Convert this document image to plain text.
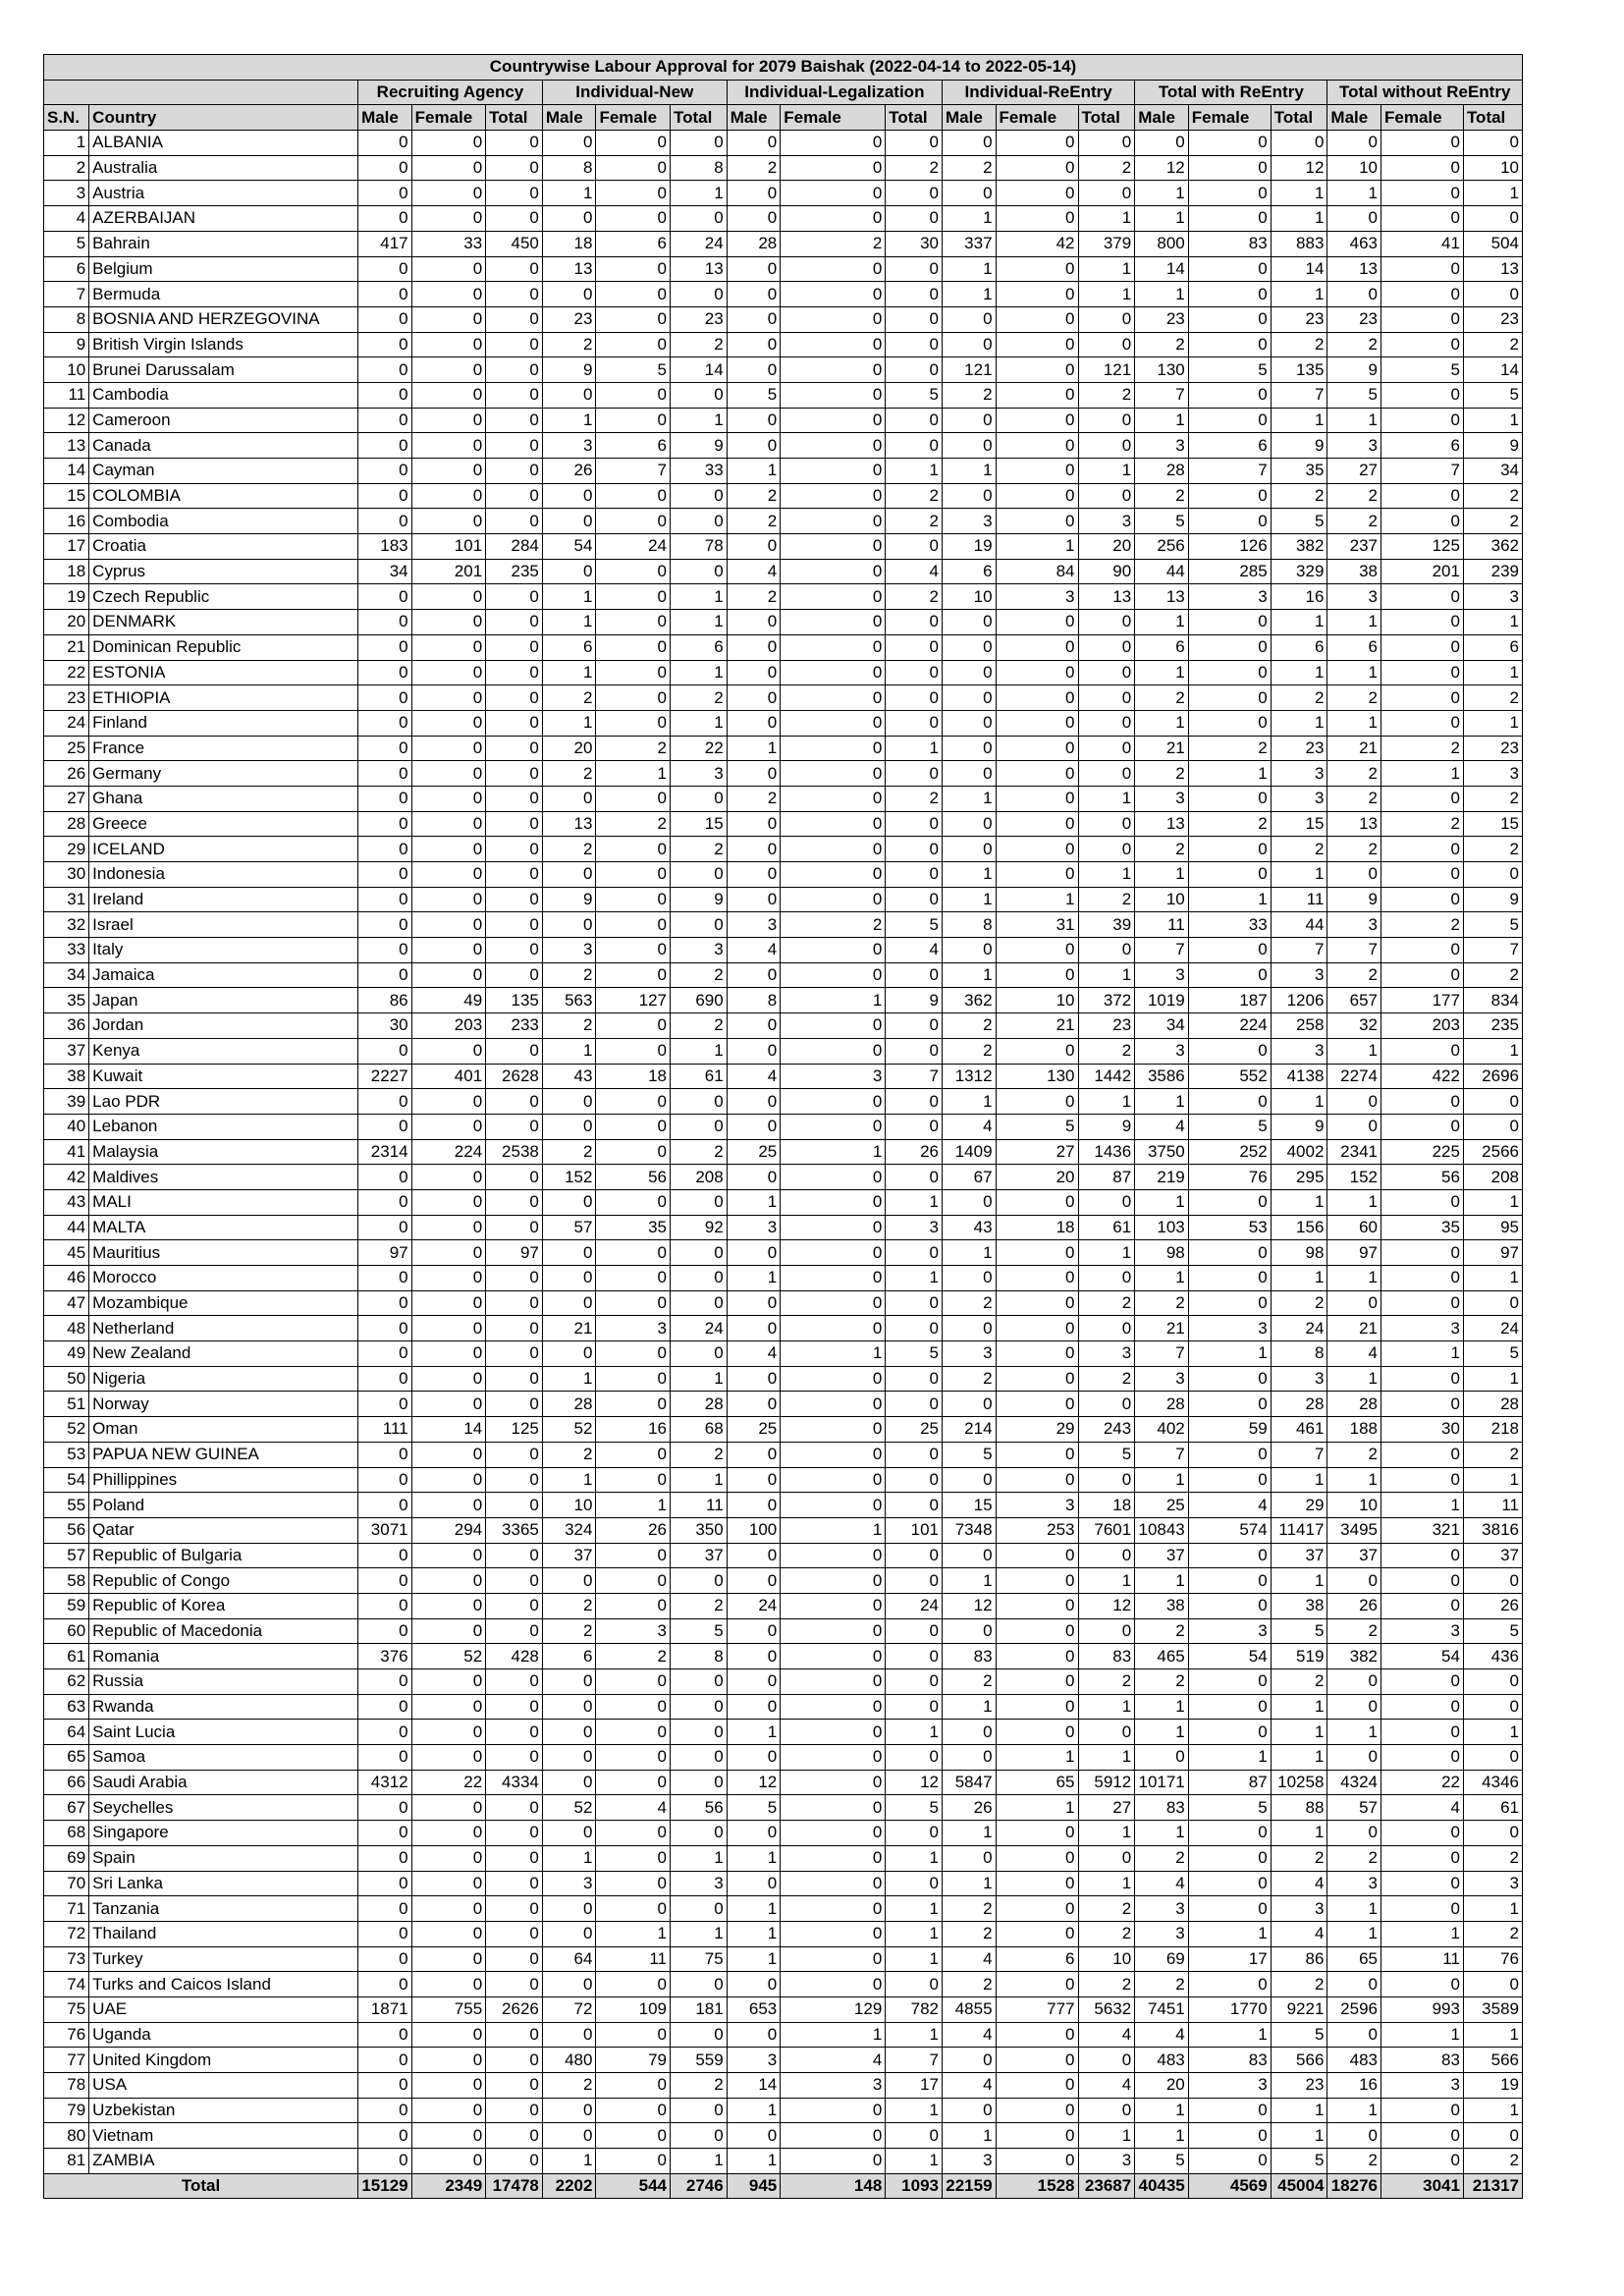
Countrywise Labour Approval for 2079 Baishak (2022-04-14 to 2022-05-14)																			
		Recruiting Agency			Individual-New			Individual-Legalization			Individual-ReEntry			Total with ReEntry			Total without ReEntry		
S.N.	Country	Male	Female	Total	Male	Female	Total	Male	Female	Total	Male	Female	Total	Male	Female	Total	Male	Female	Total
1	ALBANIA	0	0	0	0	0	0	0	0	0	0	0	0	0	0	0	0	0	0
2	Australia	0	0	0	8	0	8	2	0	2	2	0	2	12	0	12	10	0	10
3	Austria	0	0	0	1	0	1	0	0	0	0	0	0	1	0	1	1	0	1
4	AZERBAIJAN	0	0	0	0	0	0	0	0	0	1	0	1	1	0	1	0	0	0
5	Bahrain	417	33	450	18	6	24	28	2	30	337	42	379	800	83	883	463	41	504
6	Belgium	0	0	0	13	0	13	0	0	0	1	0	1	14	0	14	13	0	13
7	Bermuda	0	0	0	0	0	0	0	0	0	1	0	1	1	0	1	0	0	0
8	BOSNIA AND HERZEGOVINA	0	0	0	23	0	23	0	0	0	0	0	0	23	0	23	23	0	23
9	British Virgin Islands	0	0	0	2	0	2	0	0	0	0	0	0	2	0	2	2	0	2
10	Brunei Darussalam	0	0	0	9	5	14	0	0	0	121	0	121	130	5	135	9	5	14
11	Cambodia	0	0	0	0	0	0	5	0	5	2	0	2	7	0	7	5	0	5
12	Cameroon	0	0	0	1	0	1	0	0	0	0	0	0	1	0	1	1	0	1
13	Canada	0	0	0	3	6	9	0	0	0	0	0	0	3	6	9	3	6	9
14	Cayman	0	0	0	26	7	33	1	0	1	1	0	1	28	7	35	27	7	34
15	COLOMBIA	0	0	0	0	0	0	2	0	2	0	0	0	2	0	2	2	0	2
16	Combodia	0	0	0	0	0	0	2	0	2	3	0	3	5	0	5	2	0	2
17	Croatia	183	101	284	54	24	78	0	0	0	19	1	20	256	126	382	237	125	362
18	Cyprus	34	201	235	0	0	0	4	0	4	6	84	90	44	285	329	38	201	239
19	Czech Republic	0	0	0	1	0	1	2	0	2	10	3	13	13	3	16	3	0	3
20	DENMARK	0	0	0	1	0	1	0	0	0	0	0	0	1	0	1	1	0	1
21	Dominican Republic	0	0	0	6	0	6	0	0	0	0	0	0	6	0	6	6	0	6
22	ESTONIA	0	0	0	1	0	1	0	0	0	0	0	0	1	0	1	1	0	1
23	ETHIOPIA	0	0	0	2	0	2	0	0	0	0	0	0	2	0	2	2	0	2
24	Finland	0	0	0	1	0	1	0	0	0	0	0	0	1	0	1	1	0	1
25	France	0	0	0	20	2	22	1	0	1	0	0	0	21	2	23	21	2	23
26	Germany	0	0	0	2	1	3	0	0	0	0	0	0	2	1	3	2	1	3
27	Ghana	0	0	0	0	0	0	2	0	2	1	0	1	3	0	3	2	0	2
28	Greece	0	0	0	13	2	15	0	0	0	0	0	0	13	2	15	13	2	15
29	ICELAND	0	0	0	2	0	2	0	0	0	0	0	0	2	0	2	2	0	2
30	Indonesia	0	0	0	0	0	0	0	0	0	1	0	1	1	0	1	0	0	0
31	Ireland	0	0	0	9	0	9	0	0	0	1	1	2	10	1	11	9	0	9
32	Israel	0	0	0	0	0	0	3	2	5	8	31	39	11	33	44	3	2	5
33	Italy	0	0	0	3	0	3	4	0	4	0	0	0	7	0	7	7	0	7
34	Jamaica	0	0	0	2	0	2	0	0	0	1	0	1	3	0	3	2	0	2
35	Japan	86	49	135	563	127	690	8	1	9	362	10	372	1019	187	1206	657	177	834
36	Jordan	30	203	233	2	0	2	0	0	0	2	21	23	34	224	258	32	203	235
37	Kenya	0	0	0	1	0	1	0	0	0	2	0	2	3	0	3	1	0	1
38	Kuwait	2227	401	2628	43	18	61	4	3	7	1312	130	1442	3586	552	4138	2274	422	2696
39	Lao PDR	0	0	0	0	0	0	0	0	0	1	0	1	1	0	1	0	0	0
40	Lebanon	0	0	0	0	0	0	0	0	0	4	5	9	4	5	9	0	0	0
41	Malaysia	2314	224	2538	2	0	2	25	1	26	1409	27	1436	3750	252	4002	2341	225	2566
42	Maldives	0	0	0	152	56	208	0	0	0	67	20	87	219	76	295	152	56	208
43	MALI	0	0	0	0	0	0	1	0	1	0	0	0	1	0	1	1	0	1
44	MALTA	0	0	0	57	35	92	3	0	3	43	18	61	103	53	156	60	35	95
45	Mauritius	97	0	97	0	0	0	0	0	0	1	0	1	98	0	98	97	0	97
46	Morocco	0	0	0	0	0	0	1	0	1	0	0	0	1	0	1	1	0	1
47	Mozambique	0	0	0	0	0	0	0	0	0	2	0	2	2	0	2	0	0	0
48	Netherland	0	0	0	21	3	24	0	0	0	0	0	0	21	3	24	21	3	24
49	New Zealand	0	0	0	0	0	0	4	1	5	3	0	3	7	1	8	4	1	5
50	Nigeria	0	0	0	1	0	1	0	0	0	2	0	2	3	0	3	1	0	1
51	Norway	0	0	0	28	0	28	0	0	0	0	0	0	28	0	28	28	0	28
52	Oman	111	14	125	52	16	68	25	0	25	214	29	243	402	59	461	188	30	218
53	PAPUA NEW GUINEA	0	0	0	2	0	2	0	0	0	5	0	5	7	0	7	2	0	2
54	Phillippines	0	0	0	1	0	1	0	0	0	0	0	0	1	0	1	1	0	1
55	Poland	0	0	0	10	1	11	0	0	0	15	3	18	25	4	29	10	1	11
56	Qatar	3071	294	3365	324	26	350	100	1	101	7348	253	7601	10843	574	11417	3495	321	3816
57	Republic of Bulgaria	0	0	0	37	0	37	0	0	0	0	0	0	37	0	37	37	0	37
58	Republic of Congo	0	0	0	0	0	0	0	0	0	1	0	1	1	0	1	0	0	0
59	Republic of Korea	0	0	0	2	0	2	24	0	24	12	0	12	38	0	38	26	0	26
60	Republic of Macedonia	0	0	0	2	3	5	0	0	0	0	0	0	2	3	5	2	3	5
61	Romania	376	52	428	6	2	8	0	0	0	83	0	83	465	54	519	382	54	436
62	Russia	0	0	0	0	0	0	0	0	0	2	0	2	2	0	2	0	0	0
63	Rwanda	0	0	0	0	0	0	0	0	0	1	0	1	1	0	1	0	0	0
64	Saint Lucia	0	0	0	0	0	0	1	0	1	0	0	0	1	0	1	1	0	1
65	Samoa	0	0	0	0	0	0	0	0	0	0	1	1	0	1	1	0	0	0
66	Saudi Arabia	4312	22	4334	0	0	0	12	0	12	5847	65	5912	10171	87	10258	4324	22	4346
67	Seychelles	0	0	0	52	4	56	5	0	5	26	1	27	83	5	88	57	4	61
68	Singapore	0	0	0	0	0	0	0	0	0	1	0	1	1	0	1	0	0	0
69	Spain	0	0	0	1	0	1	1	0	1	0	0	0	2	0	2	2	0	2
70	Sri Lanka	0	0	0	3	0	3	0	0	0	1	0	1	4	0	4	3	0	3
71	Tanzania	0	0	0	0	0	0	1	0	1	2	0	2	3	0	3	1	0	1
72	Thailand	0	0	0	0	1	1	1	0	1	2	0	2	3	1	4	1	1	2
73	Turkey	0	0	0	64	11	75	1	0	1	4	6	10	69	17	86	65	11	76
74	Turks and Caicos Island	0	0	0	0	0	0	0	0	0	2	0	2	2	0	2	0	0	0
75	UAE	1871	755	2626	72	109	181	653	129	782	4855	777	5632	7451	1770	9221	2596	993	3589
76	Uganda	0	0	0	0	0	0	0	1	1	4	0	4	4	1	5	0	1	1
77	United Kingdom	0	0	0	480	79	559	3	4	7	0	0	0	483	83	566	483	83	566
78	USA	0	0	0	2	0	2	14	3	17	4	0	4	20	3	23	16	3	19
79	Uzbekistan	0	0	0	0	0	0	1	0	1	0	0	0	1	0	1	1	0	1
80	Vietnam	0	0	0	0	0	0	0	0	0	1	0	1	1	0	1	0	0	0
81	ZAMBIA	0	0	0	1	0	1	1	0	1	3	0	3	5	0	5	2	0	2
Total		15129	2349	17478	2202	544	2746	945	148	1093	22159	1528	23687	40435	4569	45004	18276	3041	21317
